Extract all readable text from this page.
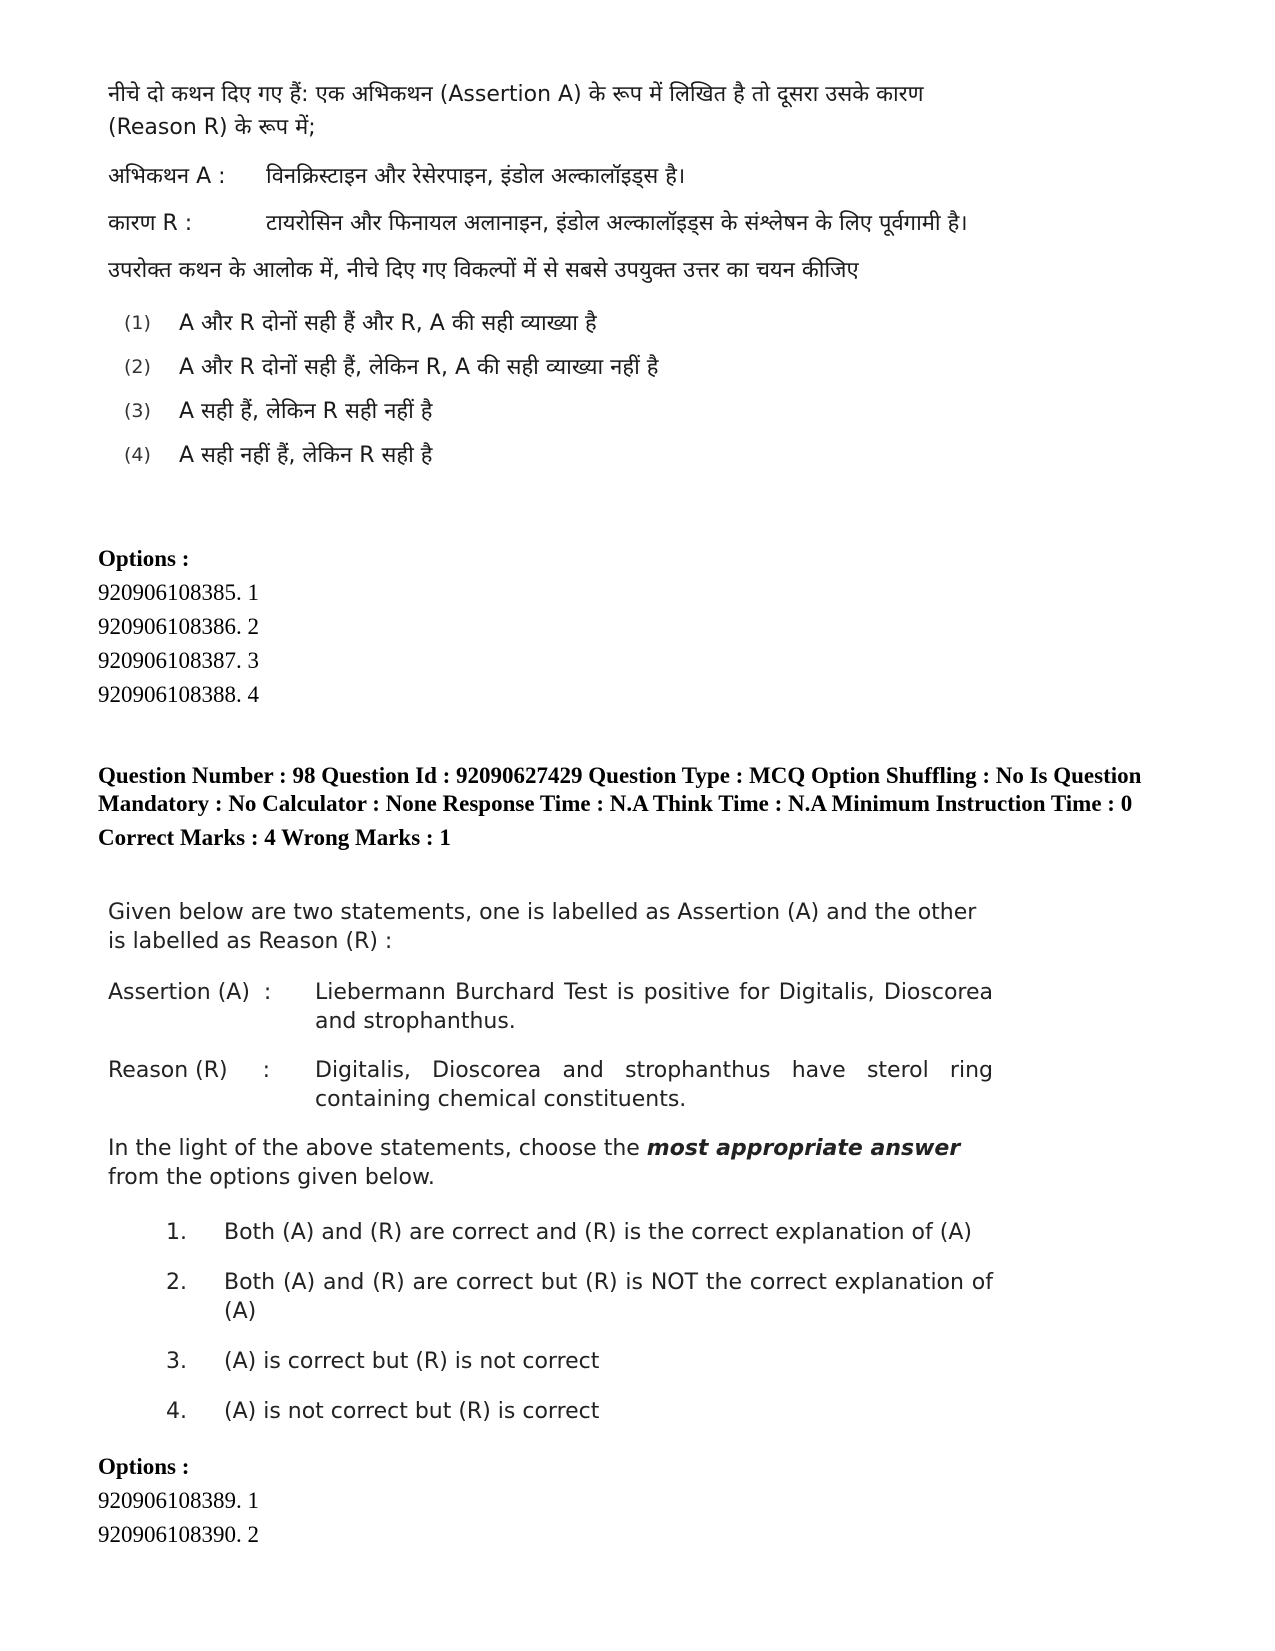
नीचे दो कथन दिए गए हैं: एक अभिकथन (Assertion A) के रूप में लिखित है तो दूसरा उसके कारण (Reason R) के रूप में;

अभिकथन A :	विनक्रिस्टाइन और रेसेरपाइन, इंडोल अल्कालॉइड्स है।
कारण R :	टायरोसिन और फिनायल अलानाइन, इंडोल अल्कालॉइड्स के संश्लेषन के लिए पूर्वगामी है।

उपरोक्त कथन के आलोक में, नीचे दिए गए विकल्पों में से सबसे उपयुक्त उत्तर का चयन कीजिए

(1)	A और R दोनों सही हैं और R, A की सही व्याख्या है
(2)	A और R दोनों सही हैं, लेकिन R, A की सही व्याख्या नहीं है
(3)	A सही हैं, लेकिन R सही नहीं है
(4)	A सही नहीं हैं, लेकिन R सही है
Options :
920906108385. 1
920906108386. 2
920906108387. 3
920906108388. 4
Question Number : 98 Question Id : 92090627429 Question Type : MCQ Option Shuffling : No Is Question Mandatory : No Calculator : None Response Time : N.A Think Time : N.A Minimum Instruction Time : 0
Correct Marks : 4 Wrong Marks : 1

Given below are two statements, one is labelled as Assertion (A) and the other is labelled as Reason (R) :

Assertion (A)  :	Liebermann Burchard Test is positive for Digitalis, Dioscorea and strophanthus.
Reason (R)     :	Digitalis, Dioscorea and strophanthus have sterol ring containing chemical constituents.

In the light of the above statements, choose the most appropriate answer from the options given below.

1.	Both (A) and (R) are correct and (R) is the correct explanation of (A)
2.	Both (A) and (R) are correct but (R) is NOT the correct explanation of (A)
3.	(A) is correct but (R) is not correct
4.	(A) is not correct but (R) is correct
Options :
920906108389. 1
920906108390. 2
